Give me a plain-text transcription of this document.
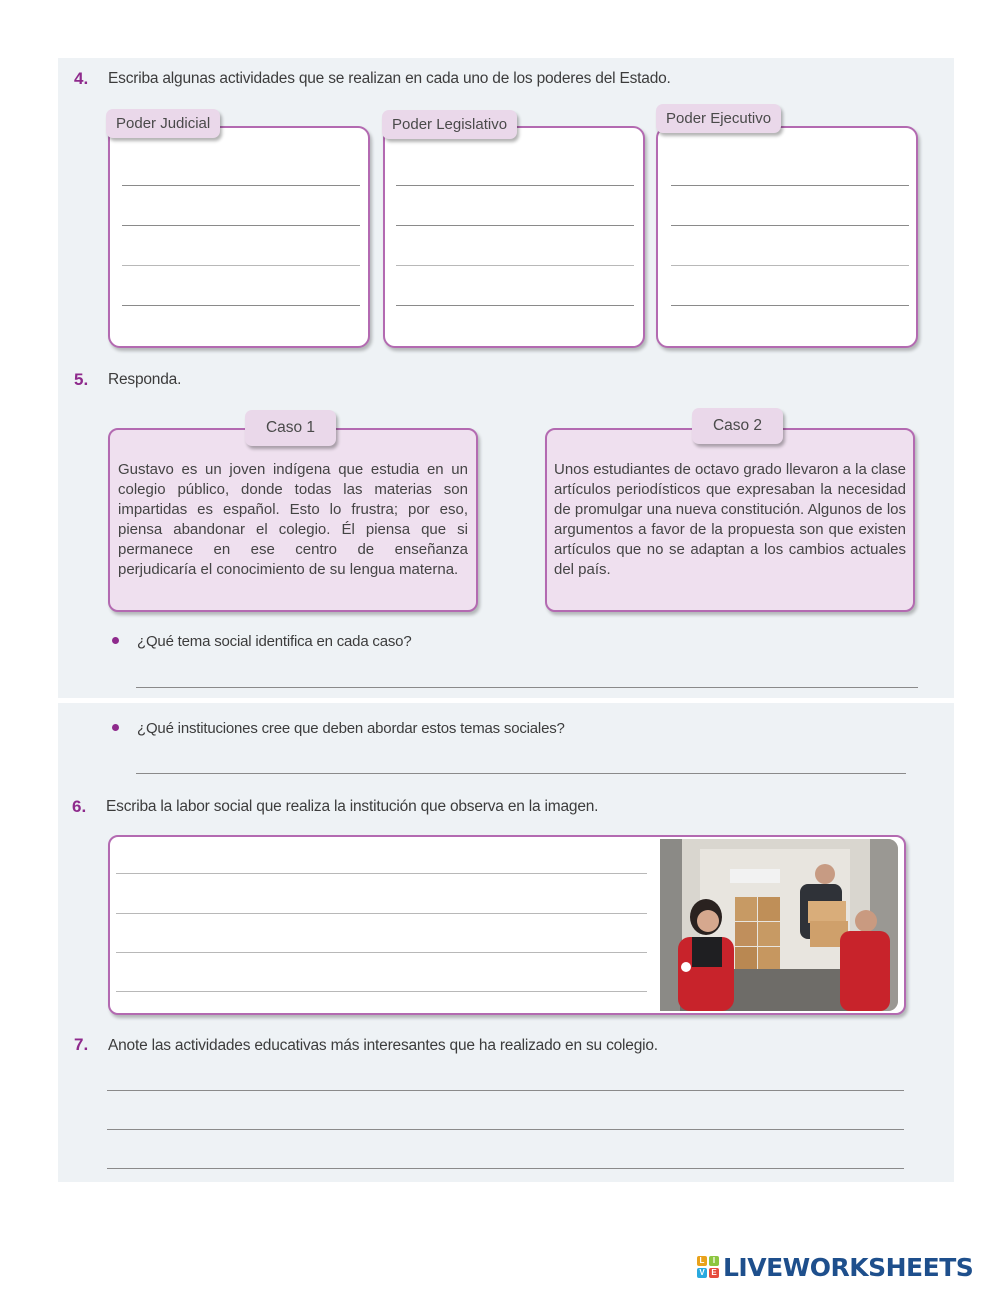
4. Escriba algunas actividades que se realizan en cada uno de los poderes del Estado.
Poder Judicial	Poder Legislativo	Poder Ejecutivo
5. Responda.
Gustavo es un joven indígena que estudia en un colegio público, donde todas las materias son impartidas es español. Esto lo frustra; por eso, piensa abandonar el colegio. Él piensa que si permanece en ese centro de enseñanza perjudicaría el conocimiento de su lengua materna.
Caso 1
Unos estudiantes de octavo grado llevaron a la clase artículos periodísticos que expresaban la necesidad de promulgar una nueva constitución. Algunos de los argumentos a favor de la propuesta son que existen artículos que no se adaptan a los cambios actuales del país.
Caso 2
¿Qué tema social identifica en cada caso?
¿Qué instituciones cree que deben abordar estos temas sociales?
6. Escriba la labor social que realiza la institución que observa en la imagen.
7. Anote las actividades educativas más interesantes que ha realizado en su colegio.
L	I
V E LIVEWORKSHEETS
